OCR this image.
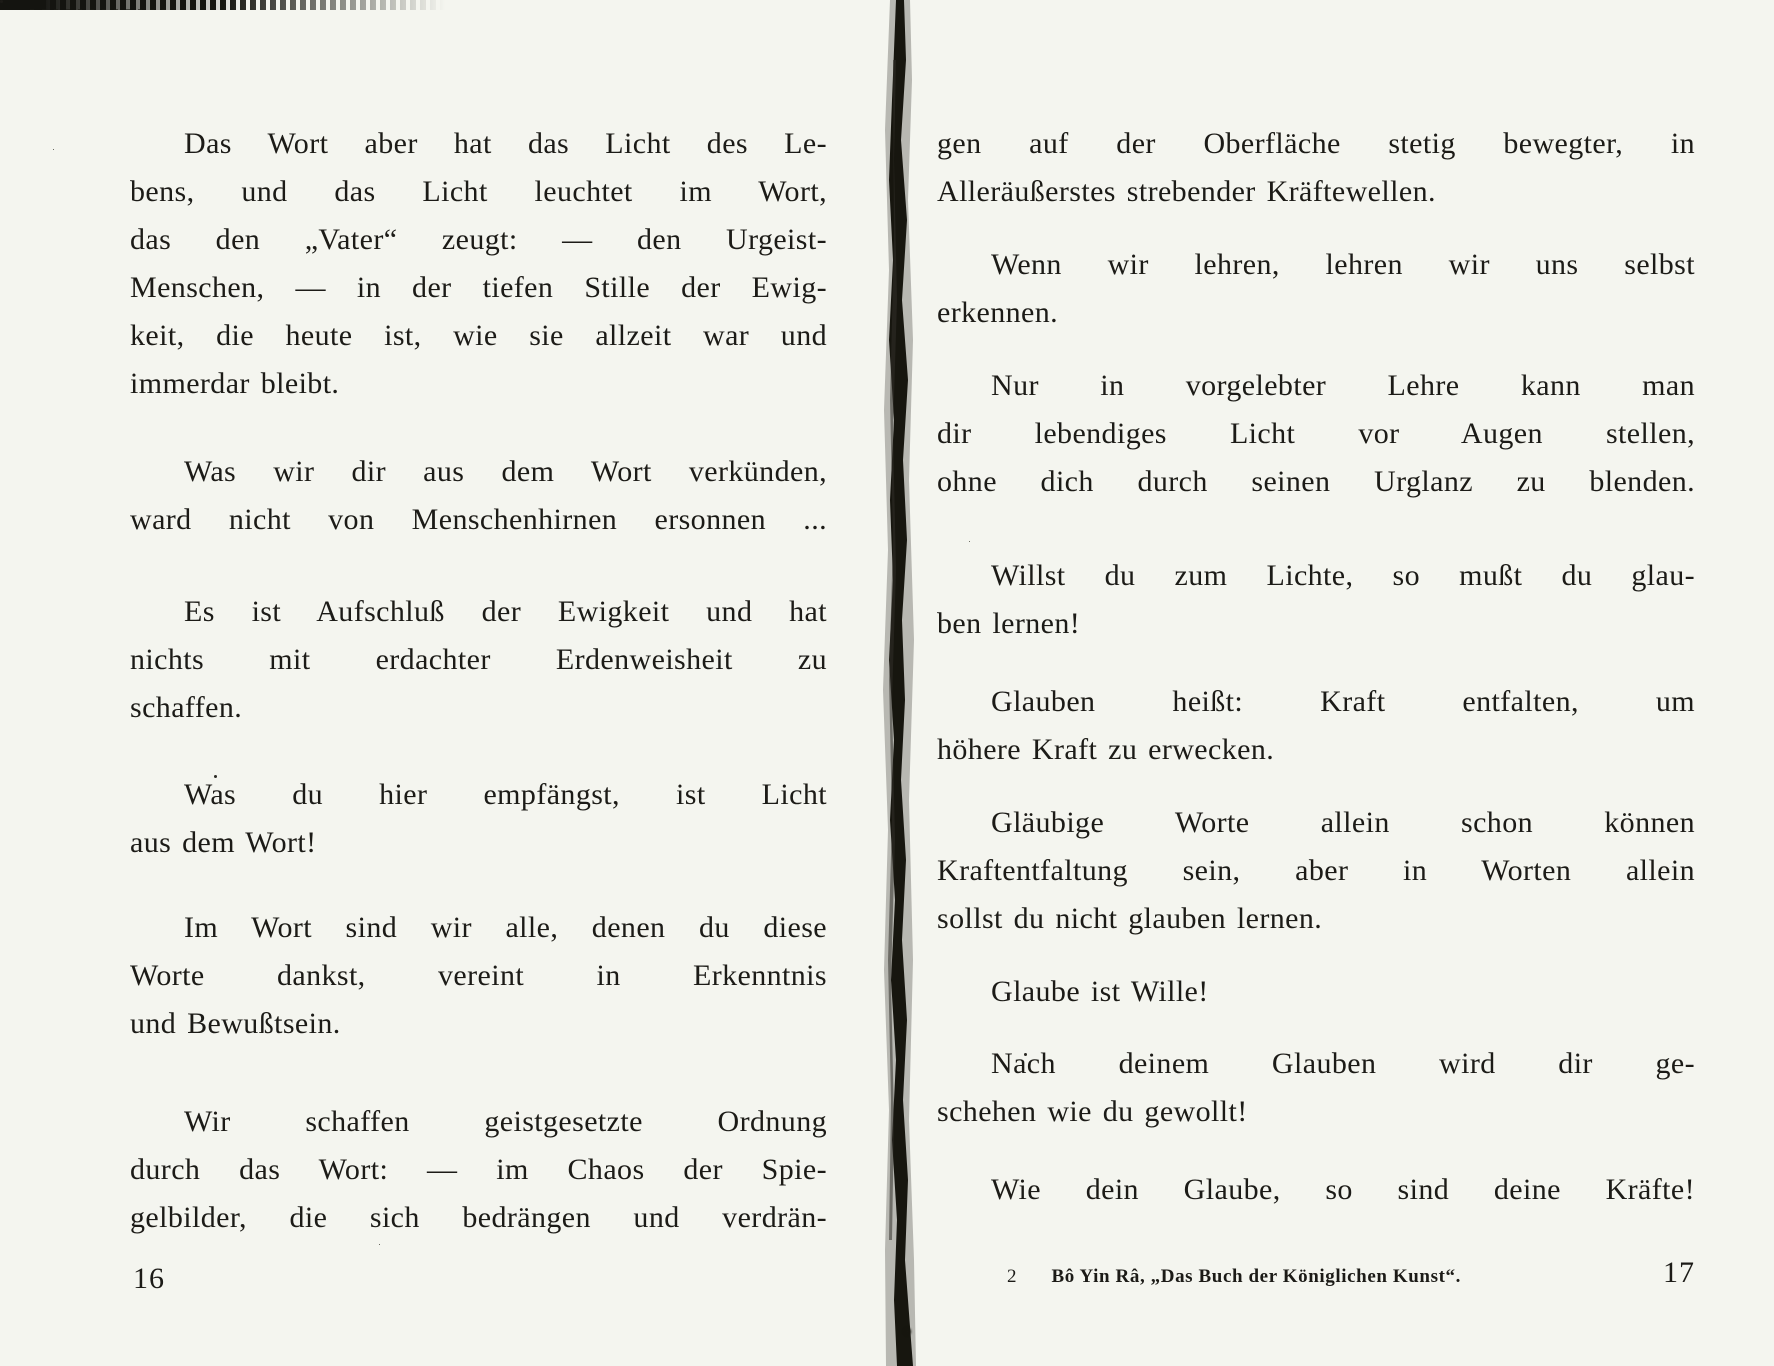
Das Wort aber hat das Licht des Le-
bens, und das Licht leuchtet im Wort,
das den „Vater“ zeugt: — den Urgeist-
Menschen, — in der tiefen Stille der Ewig-
keit, die heute ist, wie sie allzeit war und
immerdar bleibt.
Was wir dir aus dem Wort verkünden,
ward nicht von Menschenhirnen ersonnen ...
Es ist Aufschluß der Ewigkeit und hat
nichts mit erdachter Erdenweisheit zu
schaffen.
Was du hier empfängst, ist Licht
aus dem Wort!
Im Wort sind wir alle, denen du diese
Worte dankst, vereint in Erkenntnis
und Bewußtsein.
Wir schaffen geistgesetzte Ordnung
durch das Wort: — im Chaos der Spie-
gelbilder, die sich bedrängen und verdrän-
gen auf der Oberfläche stetig bewegter, in
Alleräußerstes strebender Kräftewellen.
Wenn wir lehren, lehren wir uns selbst
erkennen.
Nur in vorgelebter Lehre kann man
dir lebendiges Licht vor Augen stellen,
ohne dich durch seinen Urglanz zu blenden.
Willst du zum Lichte, so mußt du glau-
ben lernen!
Glauben heißt: Kraft entfalten, um
höhere Kraft zu erwecken.
Gläubige Worte allein schon können
Kraftentfaltung sein, aber in Worten allein
sollst du nicht glauben lernen.
Glaube ist Wille!
Nach deinem Glauben wird dir ge-
schehen wie du gewollt!
Wie dein Glaube, so sind deine Kräfte!
16	2 Bô Yin Râ, „Das Buch der Königlichen Kunst“.	17
